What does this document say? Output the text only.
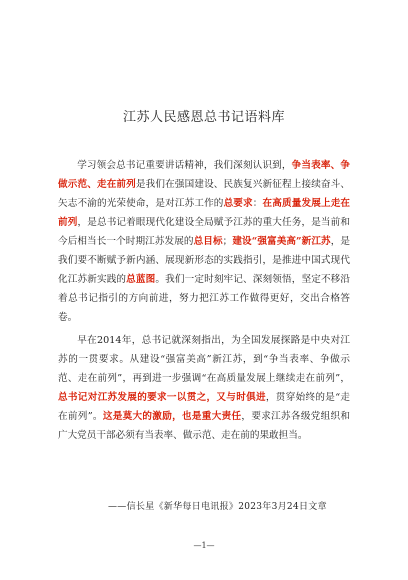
江苏人民感恩总书记语料库

学习领会总书记重要讲话精神，我们深刻认识到，争当表率、争做示范、走在前列是我们在强国建设、民族复兴新征程上接续奋斗、矢志不渝的光荣使命，是对江苏工作的总要求：在高质量发展上走在前列，是总书记着眼现代化建设全局赋予江苏的重大任务，是当前和今后相当长一个时期江苏发展的总目标；建设“强富美高”新江苏，是我们要不断赋予新内涵、展现新形态的实践指引，是推进中国式现代化江苏新实践的总蓝图。我们一定时刻牢记、深刻领悟，坚定不移沿着总书记指引的方向前进，努力把江苏工作做得更好，交出合格答卷。

早在2014年，总书记就深刻指出，为全国发展探路是中央对江苏的一贯要求。从建设“强富美高”新江苏，到“争当表率、争做示范、走在前列”，再到进一步强调“在高质量发展上继续走在前列”，总书记对江苏发展的要求一以贯之，又与时俱进，贯穿始终的是“走在前列”。这是莫大的激励，也是重大责任，要求江苏各级党组织和广大党员干部必须有当表率、做示范、走在前的果敢担当。

——信长星《新华每日电讯报》2023年3月24日文章
—1—
